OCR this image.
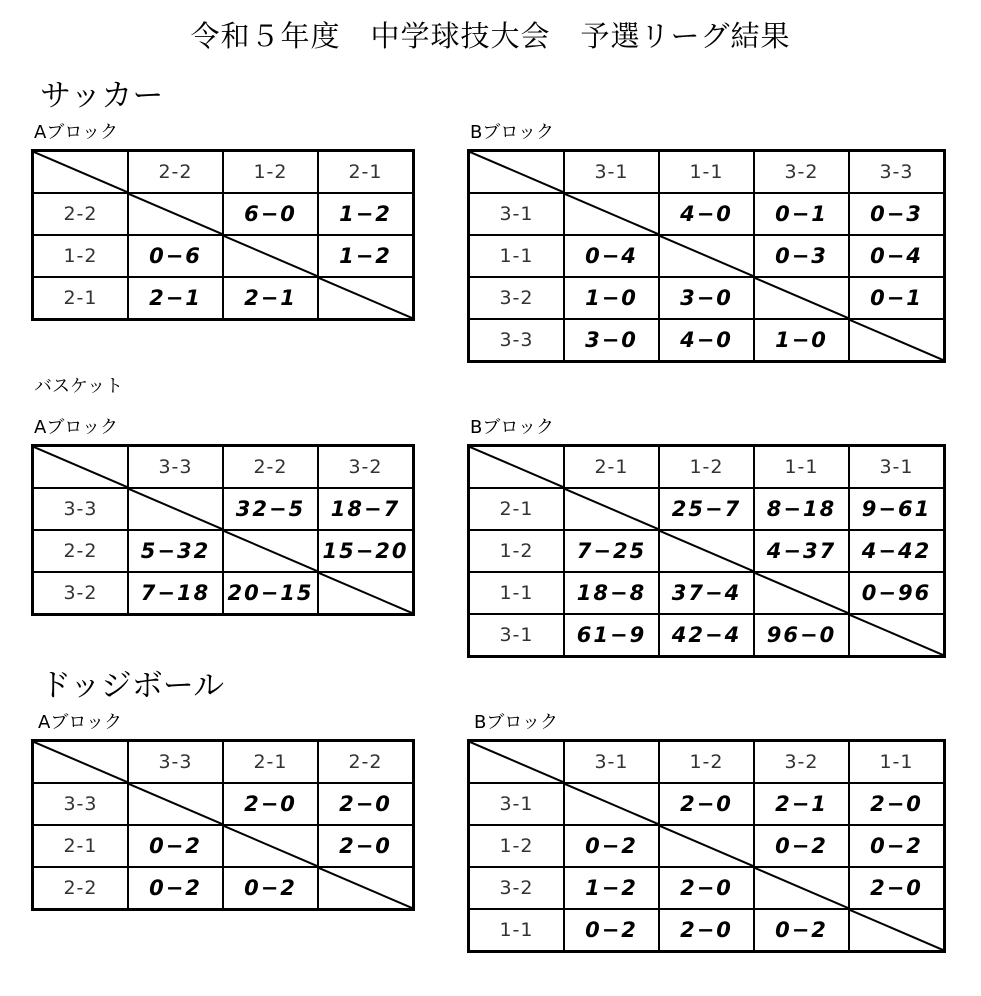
令和５年度　中学球技大会　予選リーグ結果
サッカー
Aブロック	Bブロック
	2-2	1-2	2-1
2-2		6−0	1−2
1-2	0−6		1−2
2-1	2−1	2−1	
	3-1	1-1	3-2	3-3
3-1		4−0	0−1	0−3
1-1	0−4		0−3	0−4
3-2	1−0	3−0		0−1
3-3	3−0	4−0	1−0	
バスケット
Aブロック	Bブロック
	3-3	2-2	3-2
3-3		32−5	18−7
2-2	5−32		15−20
3-2	7−18	20−15	
	2-1	1-2	1-1	3-1
2-1		25−7	8−18	9−61
1-2	7−25		4−37	4−42
1-1	18−8	37−4		0−96
3-1	61−9	42−4	96−0	
ドッジボール
Aブロック	Bブロック
	3-3	2-1	2-2
3-3		2−0	2−0
2-1	0−2		2−0
2-2	0−2	0−2	
	3-1	1-2	3-2	1-1
3-1		2−0	2−1	2−0
1-2	0−2		0−2	0−2
3-2	1−2	2−0		2−0
1-1	0−2	2−0	0−2	
